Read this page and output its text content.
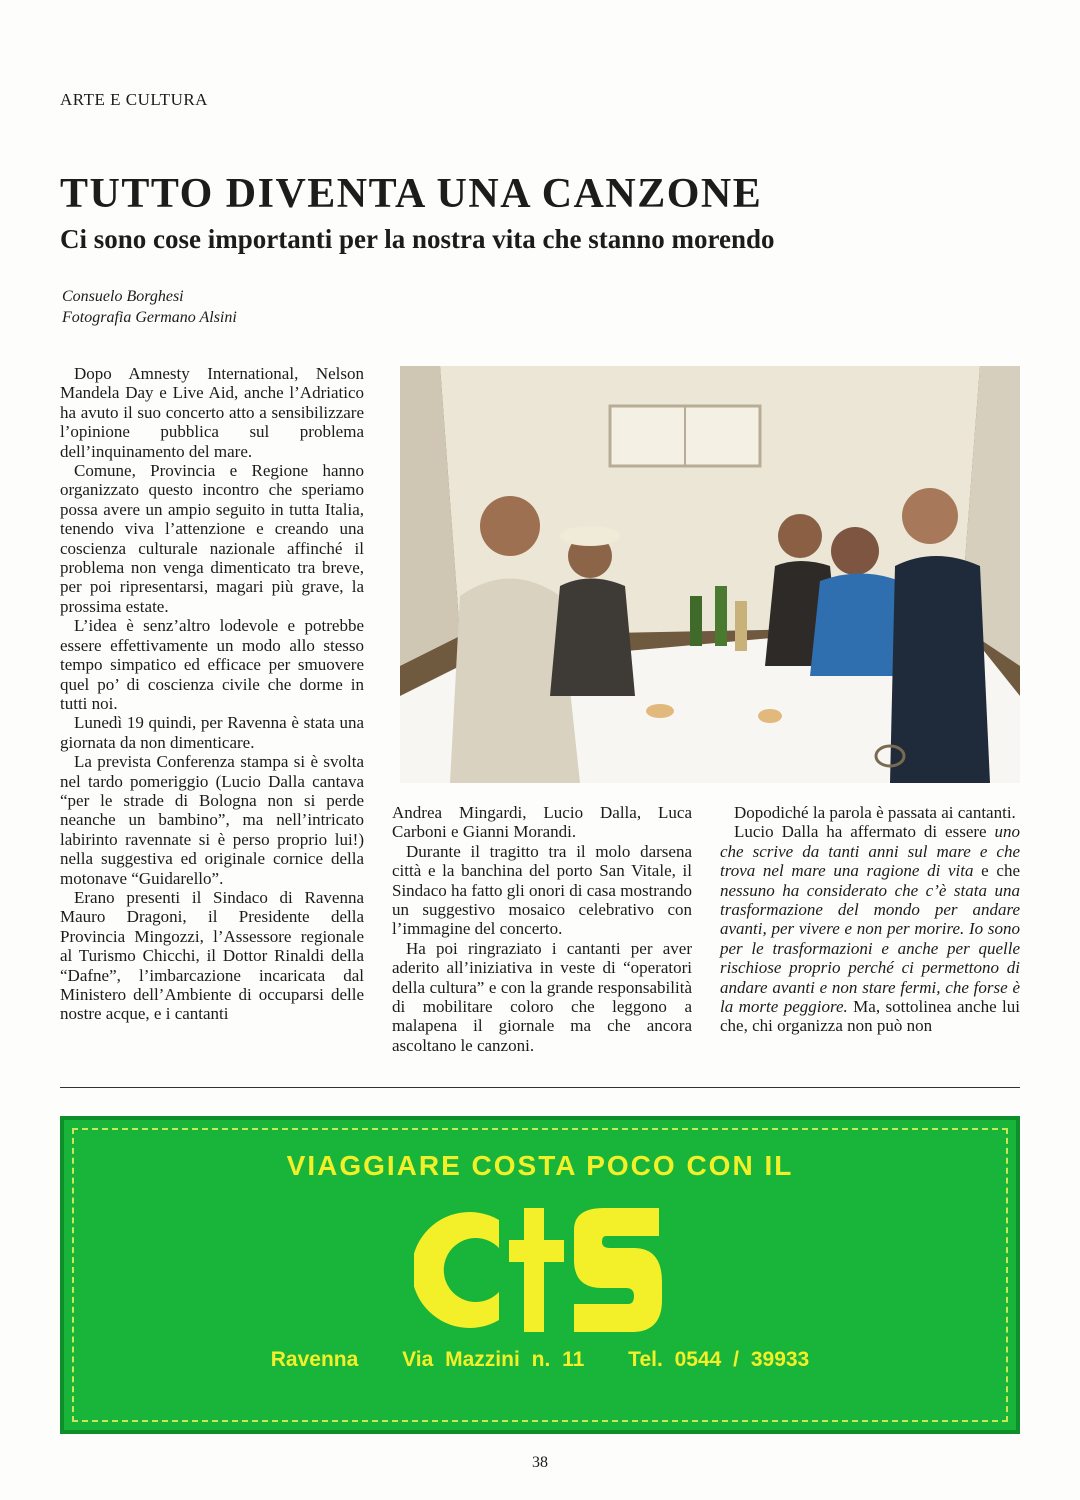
ARTE E CULTURA
TUTTO DIVENTA UNA CANZONE
Ci sono cose importanti per la nostra vita che stanno morendo
Consuelo Borghesi
Fotografia Germano Alsini

Dopo Amnesty International, Nelson Mandela Day e Live Aid, anche l’Adriatico ha avuto il suo concerto atto a sensibilizzare l’opinione pubblica sul problema dell’inquinamento del mare.

Comune, Provincia e Regione hanno organizzato questo incontro che speriamo possa avere un ampio seguito in tutta Italia, tenendo viva l’attenzione e creando una coscienza culturale nazionale affinché il problema non venga dimenticato tra breve, per poi ripresentarsi, magari più grave, la prossima estate.

L’idea è senz’altro lodevole e potrebbe essere effettivamente un modo allo stesso tempo simpatico ed efficace per smuovere quel po’ di coscienza civile che dorme in tutti noi.

Lunedì 19 quindi, per Ravenna è stata una giornata da non dimenticare.

La prevista Conferenza stampa si è svolta nel tardo pomeriggio (Lucio Dalla cantava “per le strade di Bologna non si perde neanche un bambino”, ma nell’intricato labirinto ravennate si è perso proprio lui!) nella suggestiva ed originale cornice della motonave “Guidarello”.

Erano presenti il Sindaco di Ravenna Mauro Dragoni, il Presidente della Provincia Mingozzi, l’Assessore regionale al Turismo Chicchi, il Dottor Rinaldi della “Dafne”, l’imbarcazione incaricata dal Ministero dell’Ambiente di occuparsi delle nostre acque, e i cantanti

Andrea Mingardi, Lucio Dalla, Luca Carboni e Gianni Morandi.

Durante il tragitto tra il molo darsena città e la banchina del porto San Vitale, il Sindaco ha fatto gli onori di casa mostrando un suggestivo mosaico celebrativo con l’immagine del concerto.

Ha poi ringraziato i cantanti per aver aderito all’iniziativa in veste di “operatori della cultura” e con la grande responsabilità di mobilitare coloro che leggono a malapena il giornale ma che ancora ascoltano le canzoni.

Dopodiché la parola è passata ai cantanti.

Lucio Dalla ha affermato di essere uno che scrive da tanti anni sul mare e che trova nel mare una ragione di vita e che nessuno ha considerato che c’è stata una trasformazione del mondo per andare avanti, per vivere e non per morire. Io sono per le trasformazioni e anche per quelle rischiose proprio perché ci permettono di andare avanti e non stare fermi, che forse è la morte peggiore. Ma, sottolinea anche lui che, chi organizza non può non

VIAGGIARE COSTA POCO CON IL
Ravenna Via Mazzini n. 11 Tel. 0544 / 39933
38
